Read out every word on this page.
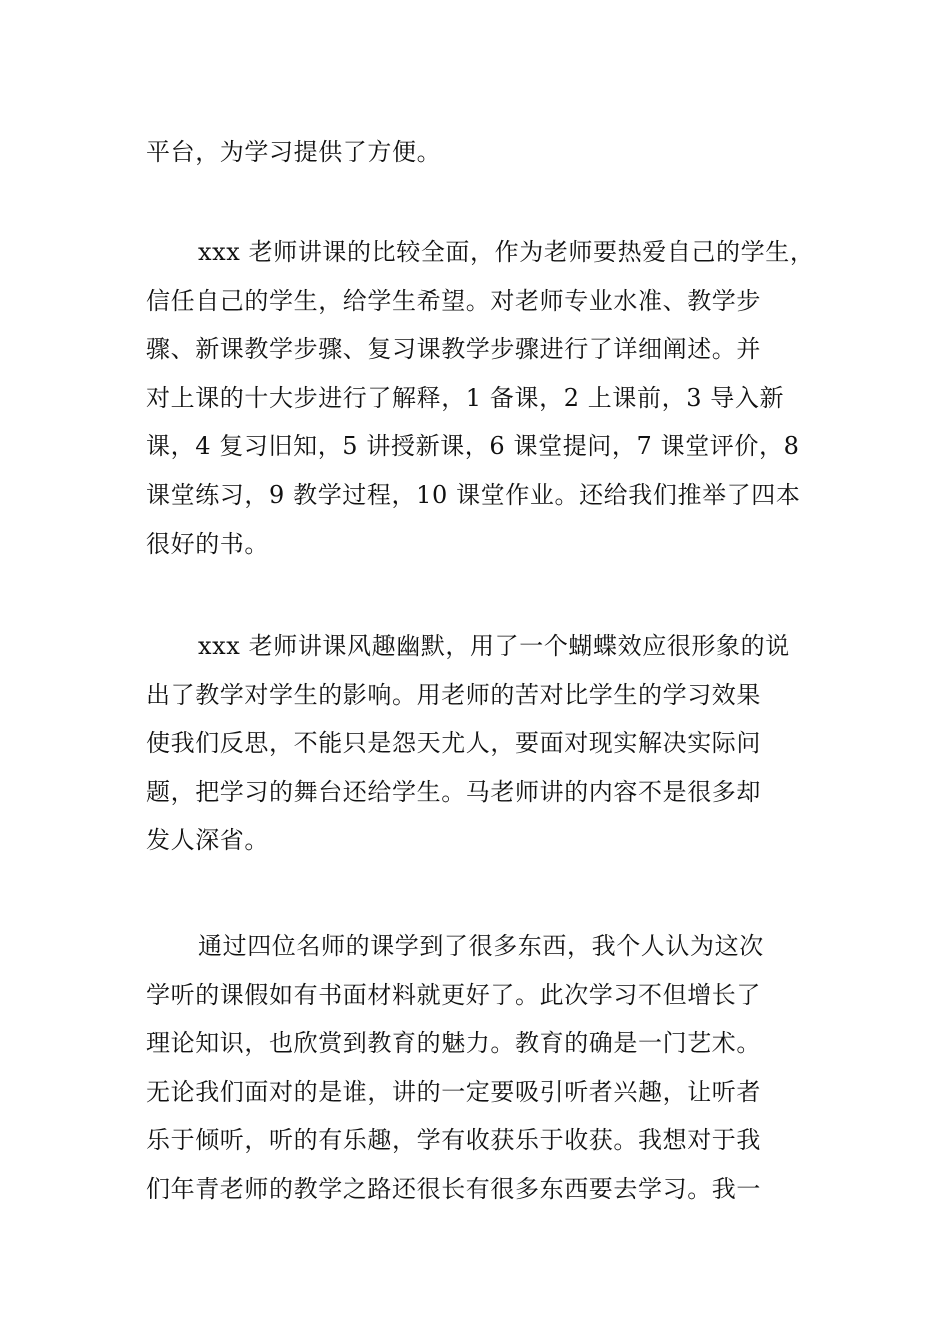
平台，为学习提供了方便。

xxx 老师讲课的比较全面，作为老师要热爱自己的学生，
信任自己的学生，给学生希望。对老师专业水准、教学步
骤、新课教学步骤、复习课教学步骤进行了详细阐述。并
对上课的十大步进行了解释，1 备课，2 上课前，3 导入新
课，4 复习旧知，5 讲授新课，6 课堂提问，7 课堂评价，8
课堂练习，9 教学过程，10 课堂作业。还给我们推举了四本
很好的书。

xxx 老师讲课风趣幽默，用了一个蝴蝶效应很形象的说
出了教学对学生的影响。用老师的苦对比学生的学习效果
使我们反思，不能只是怨天尤人，要面对现实解决实际问
题，把学习的舞台还给学生。马老师讲的内容不是很多却
发人深省。

通过四位名师的课学到了很多东西，我个人认为这次
学听的课假如有书面材料就更好了。此次学习不但增长了
理论知识，也欣赏到教育的魅力。教育的确是一门艺术。
无论我们面对的是谁，讲的一定要吸引听者兴趣，让听者
乐于倾听，听的有乐趣，学有收获乐于收获。我想对于我
们年青老师的教学之路还很长有很多东西要去学习。我一
